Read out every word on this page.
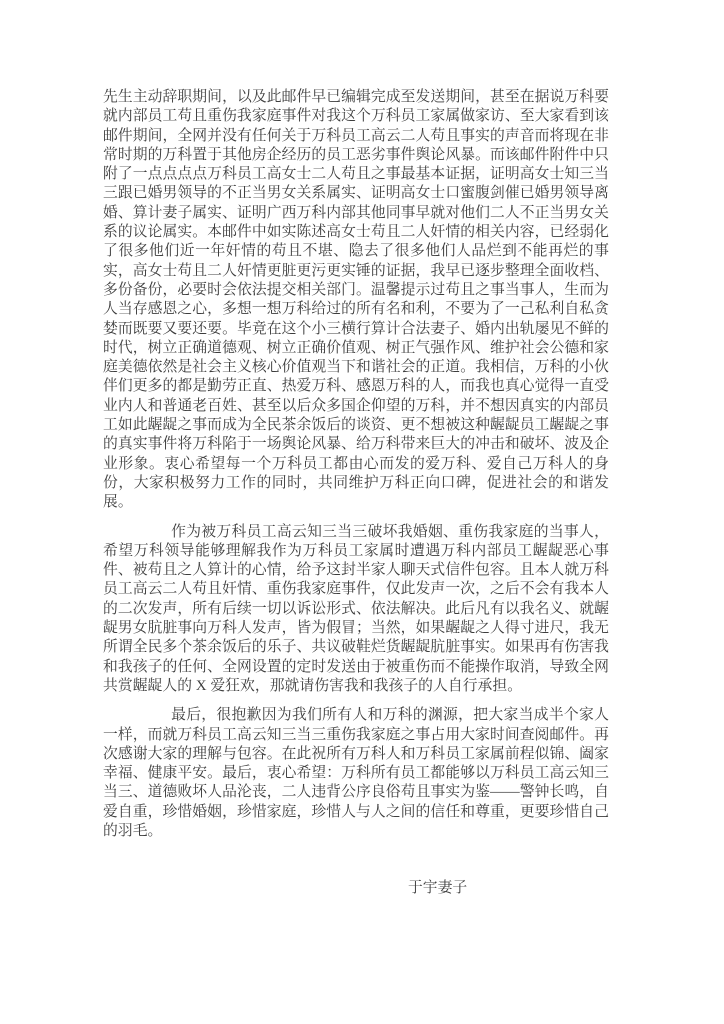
先生主动辞职期间，以及此邮件早已编辑完成至发送期间，甚至在据说万科要就内部员工苟且重伤我家庭事件对我这个万科员工家属做家访、至大家看到该邮件期间，全网并没有任何关于万科员工高云二人苟且事实的声音而将现在非常时期的万科置于其他房企经历的员工恶劣事件舆论风暴。而该邮件附件中只附了一点点点点万科员工高女士二人苟且之事最基本证据，证明高女士知三当三跟已婚男领导的不正当男女关系属实、证明高女士口蜜腹剑催已婚男领导离婚、算计妻子属实、证明广西万科内部其他同事早就对他们二人不正当男女关系的议论属实。本邮件中如实陈述高女士苟且二人奸情的相关内容，已经弱化了很多他们近一年奸情的苟且不堪、隐去了很多他们人品烂到不能再烂的事实，高女士苟且二人奸情更脏更污更实锤的证据，我早已逐步整理全面收档、多份备份，必要时会依法提交相关部门。温馨提示过苟且之事当事人，生而为人当存感恩之心，多想一想万科给过的所有名和利，不要为了一己私利自私贪婪而既要又要还要。毕竟在这个小三横行算计合法妻子、婚内出轨屡见不鲜的时代，树立正确道德观、树立正确价值观、树正气强作风、维护社会公德和家庭美德依然是社会主义核心价值观当下和谐社会的正道。我相信，万科的小伙伴们更多的都是勤劳正直、热爱万科、感恩万科的人，而我也真心觉得一直受业内人和普通老百姓、甚至以后众多国企仰望的万科，并不想因真实的内部员工如此龌龊之事而成为全民茶余饭后的谈资、更不想被这种龌龊员工龌龊之事的真实事件将万科陷于一场舆论风暴、给万科带来巨大的冲击和破坏、波及企业形象。衷心希望每一个万科员工都由心而发的爱万科、爱自己万科人的身份，大家积极努力工作的同时，共同维护万科正向口碑，促进社会的和谐发展。

作为被万科员工高云知三当三破坏我婚姻、重伤我家庭的当事人，希望万科领导能够理解我作为万科员工家属时遭遇万科内部员工龌龊恶心事件、被苟且之人算计的心情，给予这封半家人聊天式信件包容。且本人就万科员工高云二人苟且奸情、重伤我家庭事件，仅此发声一次，之后不会有我本人的二次发声，所有后续一切以诉讼形式、依法解决。此后凡有以我名义、就龌龊男女肮脏事向万科人发声，皆为假冒；当然，如果龌龊之人得寸进尺，我无所谓全民多个茶余饭后的乐子、共议破鞋烂货龌龊肮脏事实。如果再有伤害我和我孩子的任何、全网设置的定时发送由于被重伤而不能操作取消，导致全网共赏龌龊人的 X 爱狂欢，那就请伤害我和我孩子的人自行承担。

最后，很抱歉因为我们所有人和万科的渊源，把大家当成半个家人一样，而就万科员工高云知三当三重伤我家庭之事占用大家时间查阅邮件。再次感谢大家的理解与包容。在此祝所有万科人和万科员工家属前程似锦、阖家幸福、健康平安。最后，衷心希望：万科所有员工都能够以万科员工高云知三当三、道德败坏人品沦丧，二人违背公序良俗苟且事实为鉴——警钟长鸣，自爱自重，珍惜婚姻，珍惜家庭，珍惜人与人之间的信任和尊重，更要珍惜自己的羽毛。

于宇妻子
